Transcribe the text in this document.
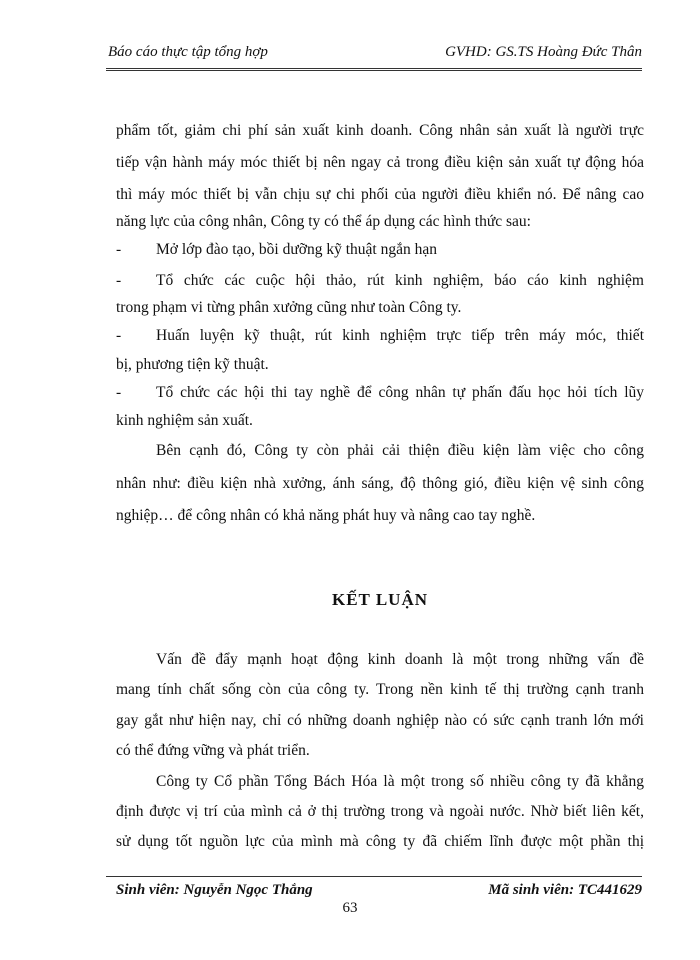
Báo cáo thực tập tổng hợp	GVHD: GS.TS Hoàng Đức Thân
phẩm tốt, giảm chi phí sản xuất kinh doanh. Công nhân sản xuất là người trực
tiếp vận hành máy móc thiết bị nên ngay cả trong điều kiện sản xuất tự động hóa
thì máy móc thiết bị vẫn chịu sự chi phối của người điều khiển nó. Để nâng cao
năng lực của công nhân, Công ty có thể áp dụng các hình thức sau:
- Mở lớp đào tạo, bồi dưỡng kỹ thuật ngắn hạn
- Tổ chức các cuộc hội thảo, rút kinh nghiệm, báo cáo kinh nghiệm
trong phạm vi từng phân xưởng cũng như toàn Công ty.
- Huấn luyện kỹ thuật, rút kinh nghiệm trực tiếp trên máy móc, thiết
bị, phương tiện kỹ thuật.
- Tổ chức các hội thi tay nghề để công nhân tự phấn đấu học hỏi tích lũy
kinh nghiệm sản xuất.
Bên cạnh đó, Công ty còn phải cải thiện điều kiện làm việc cho công
nhân như: điều kiện nhà xưởng, ánh sáng, độ thông gió, điều kiện vệ sinh công
nghiệp… để công nhân có khả năng phát huy và nâng cao tay nghề.
KẾT LUẬN
Vấn đề đẩy mạnh hoạt động kinh doanh là một trong những vấn đề
mang tính chất sống còn của công ty. Trong nền kinh tế thị trường cạnh tranh
gay gắt như hiện nay, chỉ có những doanh nghiệp nào có sức cạnh tranh lớn mới
có thể đứng vững và phát triển.
Công ty Cổ phần Tổng Bách Hóa là một trong số nhiều công ty đã khẳng
định được vị trí của mình cả ở thị trường trong và ngoài nước. Nhờ biết liên kết,
sử dụng tốt nguồn lực của mình mà công ty đã chiếm lĩnh được một phần thị
Sinh viên: Nguyễn Ngọc Thắng	Mã sinh viên: TC441629
63
